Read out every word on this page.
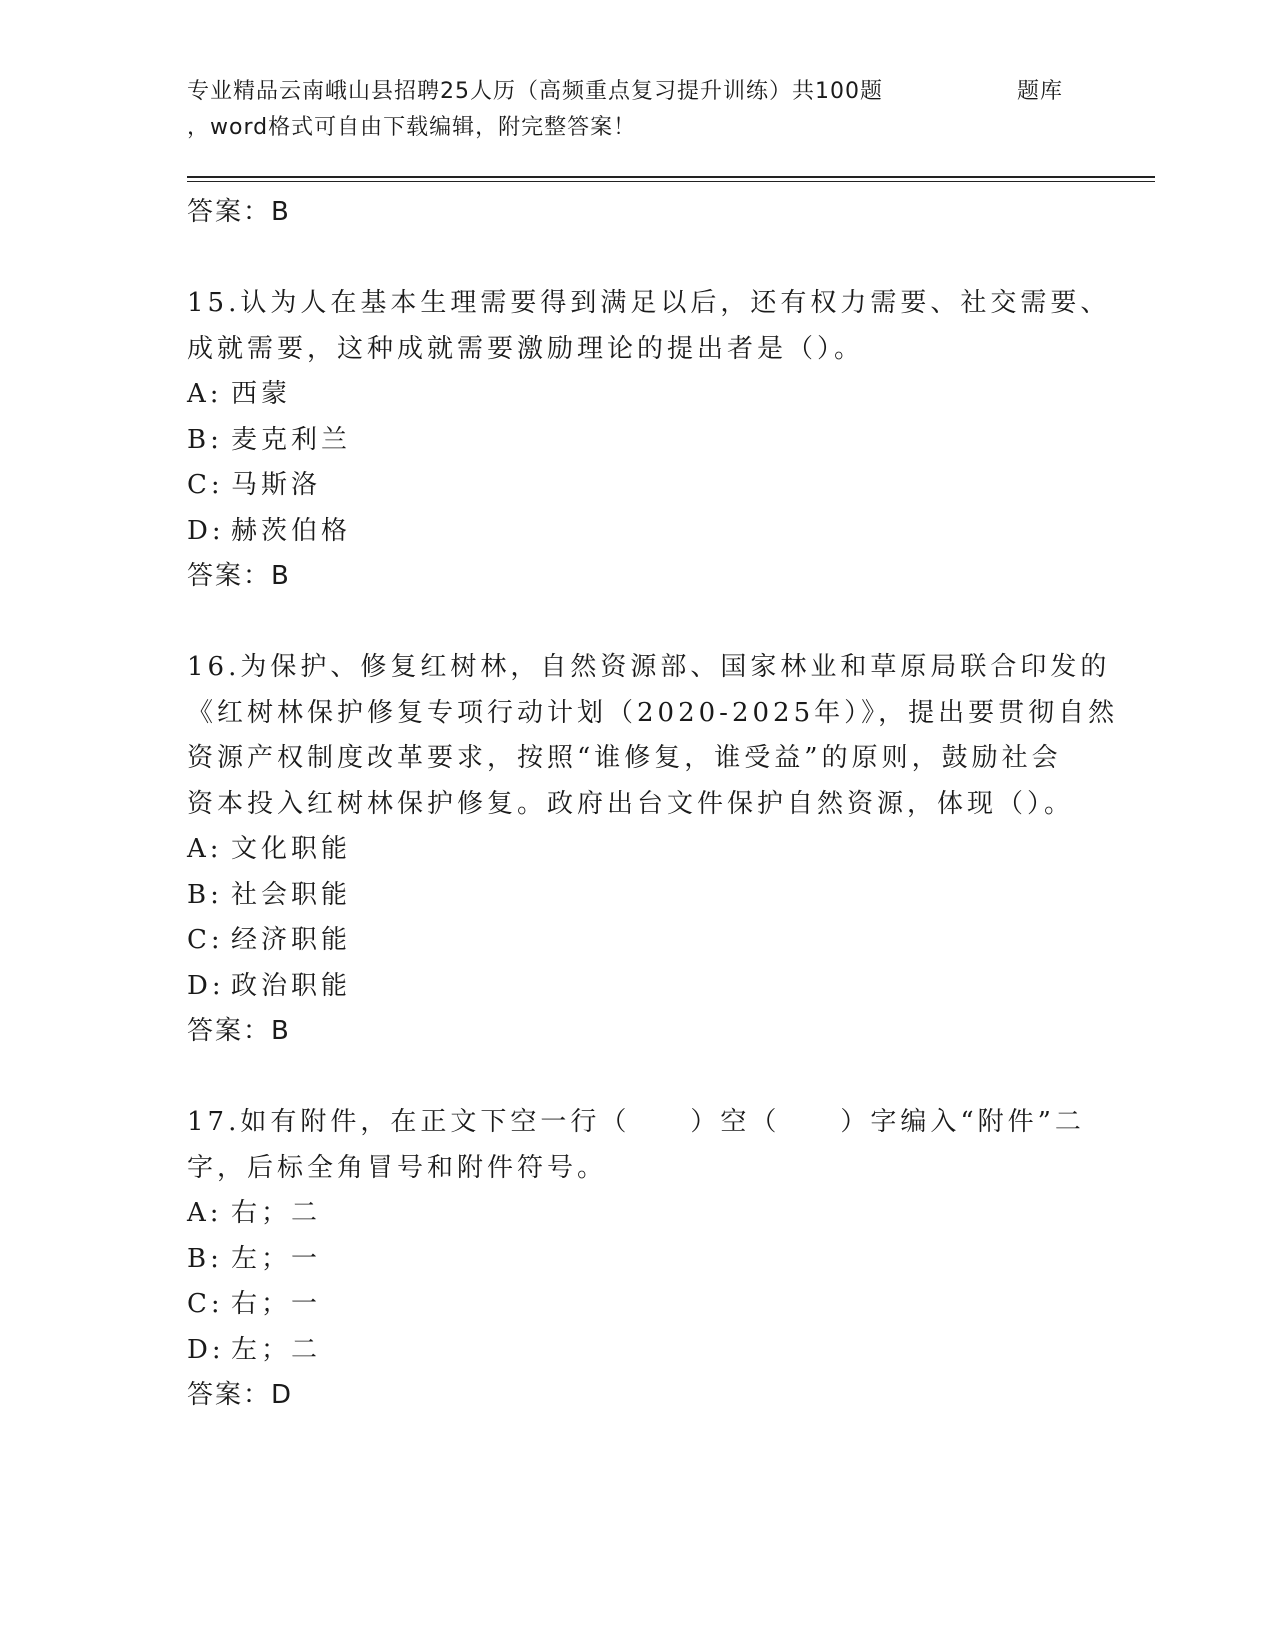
专业精品云南峨山县招聘25人历（高频重点复习提升训练）共100题	题库
，word格式可自由下载编辑，附完整答案！
答案：B
15.认为人在基本生理需要得到满足以后，还有权力需要、社交需要、
成就需要，这种成就需要激励理论的提出者是（）。
A: 西蒙
B: 麦克利兰
C: 马斯洛
D: 赫茨伯格
答案：B
16.为保护、修复红树林，自然资源部、国家林业和草原局联合印发的
《红树林保护修复专项行动计划（2020-2025年）》，提出要贯彻自然
资源产权制度改革要求，按照“谁修复，谁受益”的原则，鼓励社会
资本投入红树林保护修复。政府出台文件保护自然资源，体现（）。
A: 文化职能
B: 社会职能
C: 经济职能
D: 政治职能
答案：B
17.如有附件，在正文下空一行（　　）空（　　）字编入“附件”二
字，后标全角冒号和附件符号。
A: 右；二
B: 左；一
C: 右；一
D: 左；二
答案：D
